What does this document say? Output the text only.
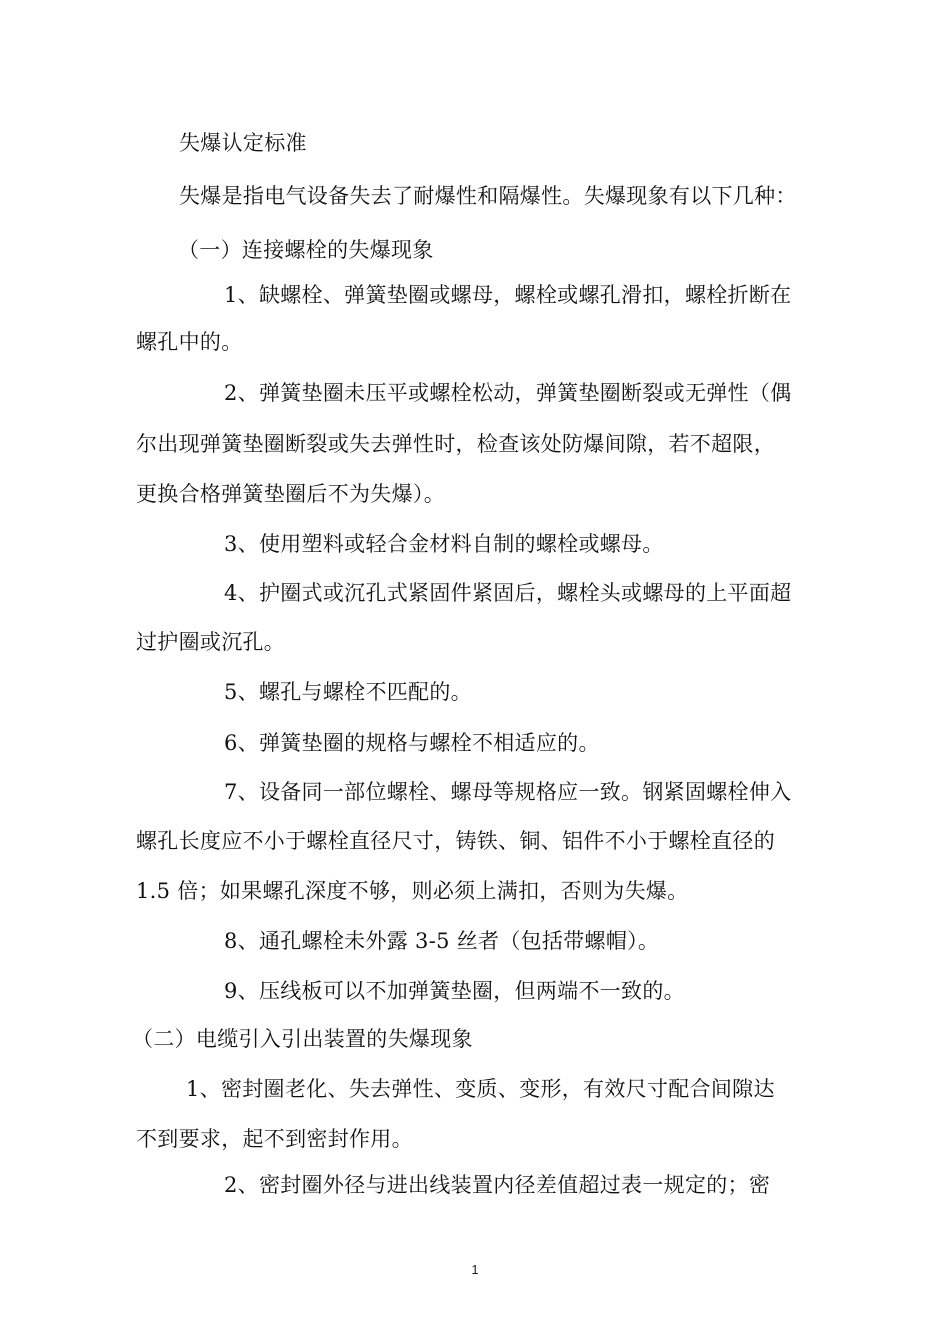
失爆认定标准
失爆是指电气设备失去了耐爆性和隔爆性。失爆现象有以下几种：
（一）连接螺栓的失爆现象
1、缺螺栓、弹簧垫圈或螺母，螺栓或螺孔滑扣，螺栓折断在
螺孔中的。
2、弹簧垫圈未压平或螺栓松动，弹簧垫圈断裂或无弹性（偶
尔出现弹簧垫圈断裂或失去弹性时，检查该处防爆间隙，若不超限，
更换合格弹簧垫圈后不为失爆）。
3、使用塑料或轻合金材料自制的螺栓或螺母。
4、护圈式或沉孔式紧固件紧固后，螺栓头或螺母的上平面超
过护圈或沉孔。
5、螺孔与螺栓不匹配的。
6、弹簧垫圈的规格与螺栓不相适应的。
7、设备同一部位螺栓、螺母等规格应一致。钢紧固螺栓伸入
螺孔长度应不小于螺栓直径尺寸，铸铁、铜、铝件不小于螺栓直径的
1.5 倍；如果螺孔深度不够，则必须上满扣，否则为失爆。
8、通孔螺栓未外露 3-5 丝者（包括带螺帽）。
9、压线板可以不加弹簧垫圈，但两端不一致的。
（二）电缆引入引出装置的失爆现象
1、密封圈老化、失去弹性、变质、变形，有效尺寸配合间隙达
不到要求，起不到密封作用。
2、密封圈外径与进出线装置内径差值超过表一规定的；密
1
